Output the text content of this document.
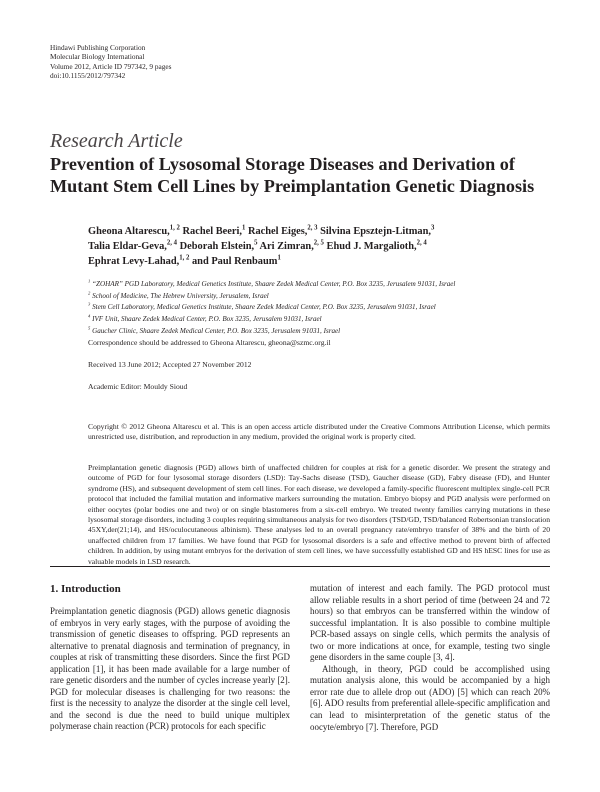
Hindawi Publishing Corporation
Molecular Biology International
Volume 2012, Article ID 797342, 9 pages
doi:10.1155/2012/797342
Research Article
Prevention of Lysosomal Storage Diseases and Derivation of
Mutant Stem Cell Lines by Preimplantation Genetic Diagnosis
Gheona Altarescu,$^{1, 2}$ Rachel Beeri,$^1$ Rachel Eiges,$^{2, 3}$ Silvina Epsztejn-Litman,$^3$
Talia Eldar-Geva,$^{2, 4}$ Deborah Elstein,$^5$ Ari Zimran,$^{2, 5}$ Ehud J. Margalioth,$^{2, 4}$
Ephrat Levy-Lahad,$^{1, 2}$ and Paul Renbaum$^1$
$^1$ “ZOHAR” PGD Laboratory, Medical Genetics Institute, Shaare Zedek Medical Center, P.O. Box 3235, Jerusalem 91031, Israel
$^2$ School of Medicine, The Hebrew University, Jerusalem, Israel
$^3$ Stem Cell Laboratory, Medical Genetics Institute, Shaare Zedek Medical Center, P.O. Box 3235, Jerusalem 91031, Israel
$^4$ IVF Unit, Shaare Zedek Medical Center, P.O. Box 3235, Jerusalem 91031, Israel
$^5$ Gaucher Clinic, Shaare Zedek Medical Center, P.O. Box 3235, Jerusalem 91031, Israel
Correspondence should be addressed to Gheona Altarescu, gheona@szmc.org.il
Received 13 June 2012; Accepted 27 November 2012
Academic Editor: Mouldy Sioud
Copyright © 2012 Gheona Altarescu et al. This is an open access article distributed under the Creative Commons Attribution License, which permits unrestricted use, distribution, and reproduction in any medium, provided the original work is properly cited.
Preimplantation genetic diagnosis (PGD) allows birth of unaffected children for couples at risk for a genetic disorder. We present the strategy and outcome of PGD for four lysosomal storage disorders (LSD): Tay-Sachs disease (TSD), Gaucher disease (GD), Fabry disease (FD), and Hunter syndrome (HS), and subsequent development of stem cell lines. For each disease, we developed a family-specific fluorescent multiplex single-cell PCR protocol that included the familial mutation and informative markers surrounding the mutation. Embryo biopsy and PGD analysis were performed on either oocytes (polar bodies one and two) or on single blastomeres from a six-cell embryo. We treated twenty families carrying mutations in these lysosomal storage disorders, including 3 couples requiring simultaneous analysis for two disorders (TSD/GD, TSD/balanced Robertsonian translocation 45XY,der(21;14), and HS/oculocutaneous albinism). These analyses led to an overall pregnancy rate/embryo transfer of 38% and the birth of 20 unaffected children from 17 families. We have found that PGD for lysosomal disorders is a safe and effective method to prevent birth of affected children. In addition, by using mutant embryos for the derivation of stem cell lines, we have successfully established GD and HS hESC lines for use as valuable models in LSD research.
1. Introduction

Preimplantation genetic diagnosis (PGD) allows genetic diagnosis of embryos in very early stages, with the purpose of avoiding the transmission of genetic diseases to offspring. PGD represents an alternative to prenatal diagnosis and termination of pregnancy, in couples at risk of transmitting these disorders. Since the first PGD application [1], it has been made available for a large number of rare genetic disorders and the number of cycles increase yearly [2]. PGD for molecular diseases is challenging for two reasons: the first is the necessity to analyze the disorder at the single cell level, and the second is due the need to build unique multiplex polymerase chain reaction (PCR) protocols for each specific

mutation of interest and each family. The PGD protocol must allow reliable results in a short period of time (between 24 and 72 hours) so that embryos can be transferred within the window of successful implantation. It is also possible to combine multiple PCR-based assays on single cells, which permits the analysis of two or more indications at once, for example, testing two single gene disorders in the same couple [3, 4].

Although, in theory, PGD could be accomplished using mutation analysis alone, this would be accompanied by a high error rate due to allele drop out (ADO) [5] which can reach 20% [6]. ADO results from preferential allele-specific amplification and can lead to misinterpretation of the genetic status of the oocyte/embryo [7]. Therefore, PGD
